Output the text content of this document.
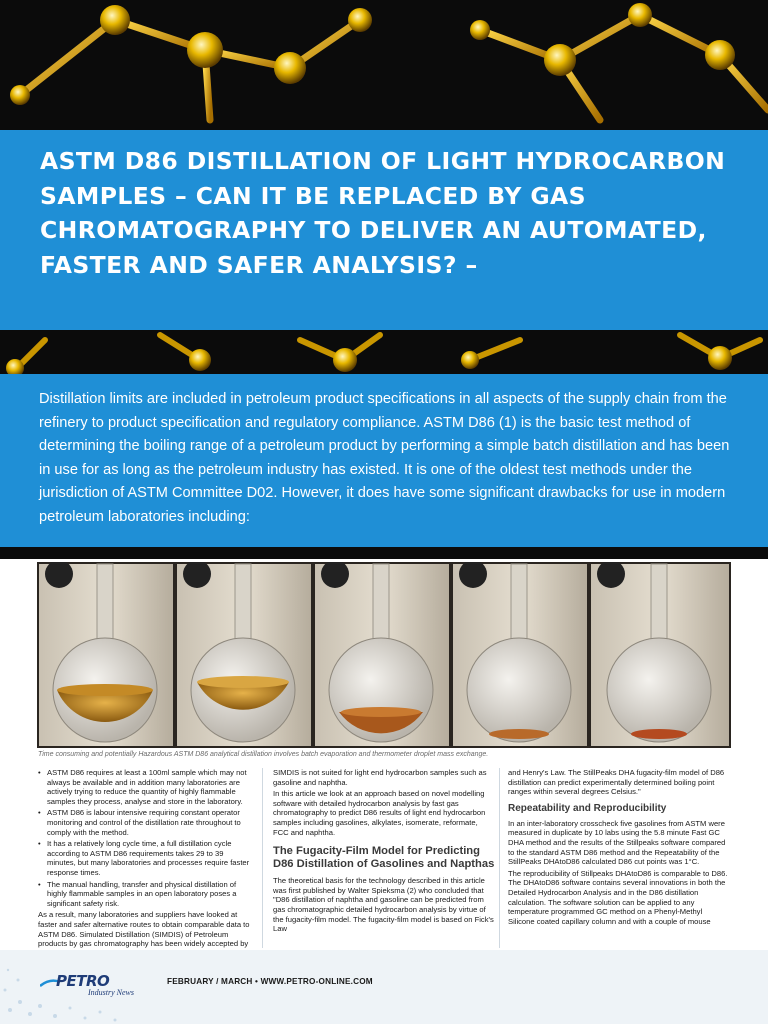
ASTM D86 DISTILLATION OF LIGHT HYDROCARBON SAMPLES – CAN IT BE REPLACED BY GAS CHROMATOGRAPHY TO DELIVER AN AUTOMATED, FASTER AND SAFER ANALYSIS? –

Distillation limits are included in petroleum product specifications in all aspects of the supply chain from the refinery to product specification and regulatory compliance. ASTM D86 (1) is the basic test method of determining the boiling range of a petroleum product by performing a simple batch distillation and has been in use for as long as the petroleum industry has existed. It is one of the oldest test methods under the jurisdiction of ASTM Committee D02. However, it does have some significant drawbacks for use in modern petroleum laboratories including:

Time consuming and potentially Hazardous ASTM D86 analytical distillation involves batch evaporation and thermometer droplet mass exchange.
• ASTM D86 requires at least a 100ml sample which may not always be available and in addition many laboratories are actively trying to reduce the quantity of highly flammable samples they process, analyse and store in the laboratory.
• ASTM D86 is labour intensive requiring constant operator monitoring and control of the distillation rate throughout to comply with the method.
• It has a relatively long cycle time, a full distillation cycle according to ASTM D86 requirements takes 29 to 39 minutes, but many laboratories and processes require faster response times.
• The manual handling, transfer and physical distillation of highly flammable samples in an open laboratory poses a significant safety risk.

As a result, many laboratories and suppliers have looked at faster and safer alternative routes to obtain comparable data to ASTM D86. Simulated Distillation (SIMDIS) of Petroleum products by gas chromatography has been widely accepted by

SIMDIS is not suited for light end hydrocarbon samples such as gasoline and naphtha.

In this article we look at an approach based on novel modelling software with detailed hydrocarbon analysis by fast gas chromatography to predict D86 results of light end hydrocarbon samples including gasolines, alkylates, isomerate, reformate, FCC and naphtha.

The Fugacity-Film Model for Predicting D86 Distillation of Gasolines and Napthas

The theoretical basis for the technology described in this article was first published by Walter Spieksma (2) who concluded that "D86 distillation of naphtha and gasoline can be predicted from gas chromatographic detailed hydrocarbon analysis by virtue of the fugacity-film model. The fugacity-film model is based on Fick's Law

and Henry's Law. The StillPeaks DHA fugacity-film model of D86 distillation can predict experimentally determined boiling point ranges within several degrees Celsius."

Repeatability and Reproducibility

In an inter-laboratory crosscheck five gasolines from ASTM were measured in duplicate by 10 labs using the 5.8 minute Fast GC DHA method and the results of the Stillpeaks software compared to the standard ASTM D86 method and the Repeatability of the StillPeaks DHAtoD86 calculated D86 cut points was 1°C.

The reproducibility of Stillpeaks DHAtoD86 is comparable to D86. The DHAtoD86 software contains several innovations in both the Detailed Hydrocarbon Analysis and in the D86 distillation calculation. The software solution can be applied to any temperature programmed GC method on a Phenyl-Methyl Silicone coated capillary column and with a couple of mouse

PETRO
Industry News
FEBRUARY / MARCH • WWW.PETRO-ONLINE.COM
